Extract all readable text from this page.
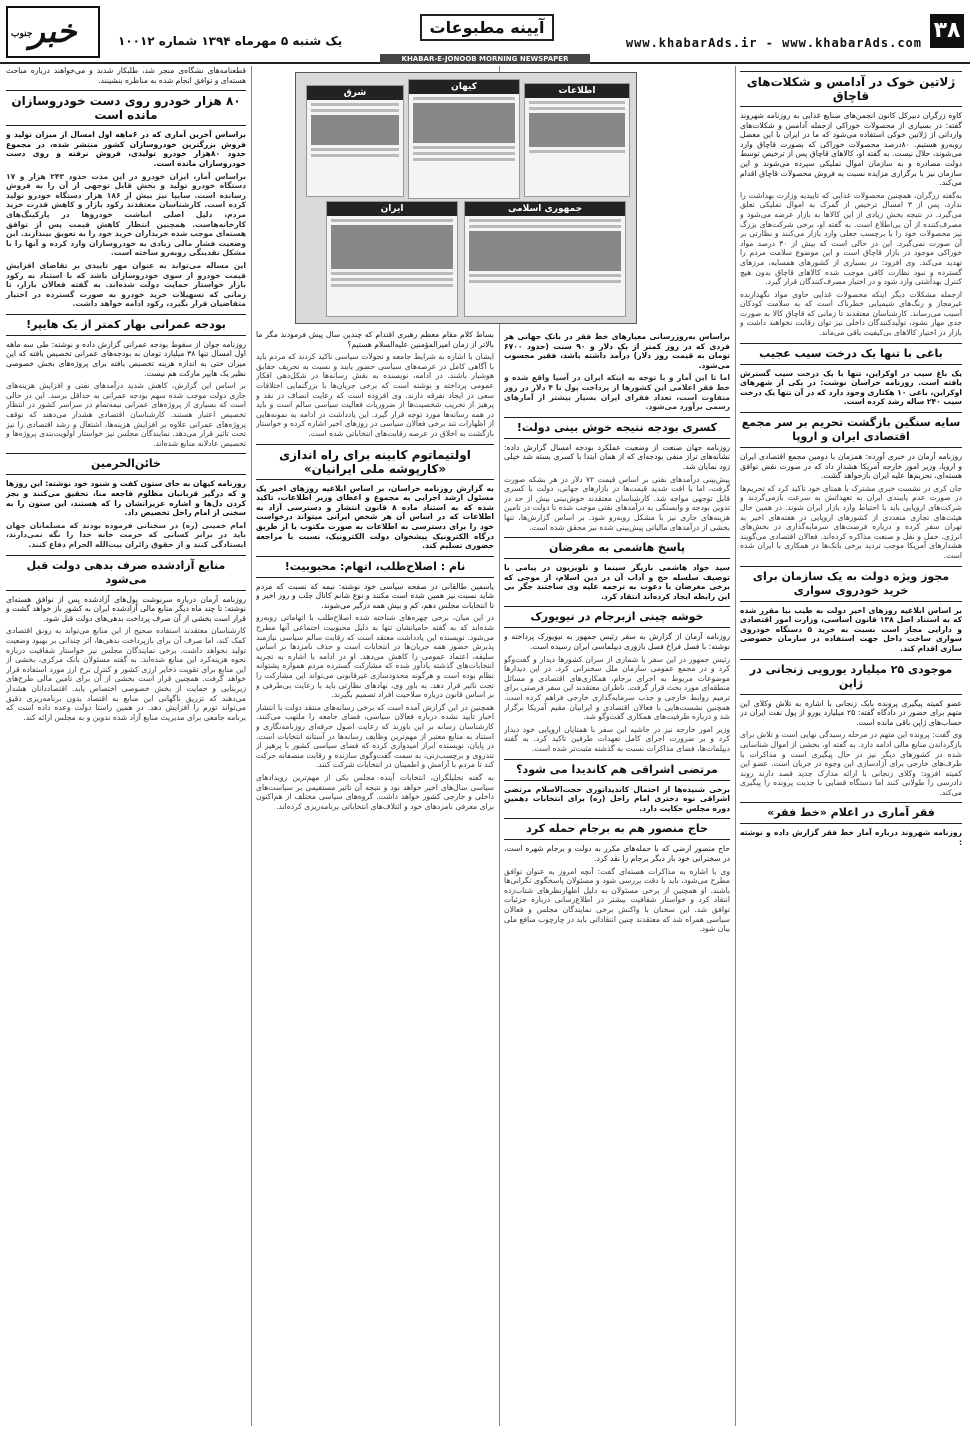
۳۸
www.khabarAds.ir - www.khabarAds.com
آیینه مطبوعات
یک شنبه ۵ مهرماه ۱۳۹۴ شماره ۱۰۰۱۲
جنوب
خبر
KHABAR-E-JONOOB MORNING NEWSPAPER
ژلاتین خوک در آدامس و شکلات‌های قاچاق

کاوه زرگران دبیرکل کانون انجمن‌های صنایع غذایی به روزنامه شهروند گفته: در بسیاری از محصولات خوراکی ازجمله آدامس و شکلات‌های وارداتی از ژلاتین خوکی استفاده می‌شود که ما در ایران با این معضل روبه‌رو هستیم. ۸۰درصد محصولات خوراکی که بصورت قاچاق وارد می‌شوند، حلال نیست. به گفته او، کالاهای قاچاق پس از ترخیص توسط دولت مصادره و به سازمان اموال تملیکی سپرده می‌شوند و این سازمان نیز با برگزاری مزایده نسبت به فروش محصولات قاچاق اقدام می‌کند.

به‌گفته زرگران، همچنین محصولات غذایی که تاییدیه وزارت بهداشت را ندارد، پس از ۳ امسال ترخیص از گمرک به اموال تملیکی تعلق می‌گیرد. در نتیجه بخش زیادی از این کالاها به بازار عرضه می‌شود و مصرف‌کننده از آن بی‌اطلاع است. به گفته او، برخی شرکت‌های بزرگ نیز محصولات خود را با برچسب جعلی وارد بازار می‌کنند و نظارتی بر آن صورت نمی‌گیرد. این در حالی است که بیش از ۳۰ درصد مواد خوراکی موجود در بازار قاچاق است و این موضوع سلامت مردم را تهدید می‌کند. وی افزود: در بسیاری از کشورهای همسایه، مرزهای گسترده و نبود نظارت کافی موجب شده کالاهای قاچاق بدون هیچ کنترل بهداشتی وارد شود و در اختیار مصرف‌کنندگان قرار گیرد.

ازجمله مشکلات دیگر اینکه محصولات غذایی حاوی مواد نگهدارنده غیرمجاز و رنگ‌های شیمیایی خطرناک است که به سلامت کودکان آسیب می‌رساند. کارشناسان معتقدند تا زمانی که قاچاق کالا به صورت جدی مهار نشود، تولیدکنندگان داخلی نیز توان رقابت نخواهند داشت و بازار در اختیار کالاهای بی‌کیفیت باقی می‌ماند.

باغی با تنها یک درخت سیب عجیب

یک باغ سیب در اوکراین، تنها با یک درخت سیب گسترش یافته است. روزنامه خراسان نوشت: در یکی از شهرهای اوکراین، باغی ۱۰ هکتاری وجود دارد که در آن تنها یک درخت سیب ۲۴۰ ساله رشد کرده است.

سایه سنگین بازگشت تحریم بر سر مجمع اقتصادی ایران و اروپا

روزنامه آرمان در خبری آورده: همزمان با دومین مجمع اقتصادی ایران و اروپا، وزیر امور خارجه آمریکا هشدار داد که در صورت نقض توافق هسته‌ای، تحریم‌ها علیه ایران بازخواهد گشت.

جان کری در نشست خبری مشترک با همتای خود تاکید کرد که تحریم‌ها در صورت عدم پایبندی ایران به تعهداتش به سرعت بازمی‌گردند و شرکت‌های اروپایی باید با احتیاط وارد بازار ایران شوند. در همین حال هیئت‌های تجاری متعددی از کشورهای اروپایی در هفته‌های اخیر به تهران سفر کرده و درباره فرصت‌های سرمایه‌گذاری در بخش‌های انرژی، حمل و نقل و صنعت مذاکره کرده‌اند. فعالان اقتصادی می‌گویند هشدارهای آمریکا موجب تردید برخی بانک‌ها در همکاری با ایران شده است.

مجوز ویژه دولت به یک سازمان برای خرید خودروی سواری

بر اساس ابلاغیه روزهای اخیر دولت به طیب نیا مقرر شده که به استناد اصل ۱۳۸ قانون اساسی، وزارت امور اقتصادی و دارایی مجاز است نسبت به خرید ۵ دستگاه خودروی سواری ساخت داخل جهت استفاده در سازمان خصوصی سازی اقدام کند.

موجودی ۲۵ میلیارد یورویی زنجانی در ژاپن

عضو کمیته پیگیری پرونده بابک زنجانی با اشاره به تلاش وکلای این متهم برای حضور در دادگاه گفته: ۲۵ میلیارد یورو از پول نفت ایران در حساب‌های ژاپن باقی مانده است.

وی گفت: پرونده این متهم در مرحله رسیدگی نهایی است و تلاش برای بازگرداندن منابع مالی ادامه دارد. به گفته او، بخشی از اموال شناسایی شده در کشورهای دیگر نیز در حال پیگیری است و مذاکرات با طرف‌های خارجی برای آزادسازی این وجوه در جریان است. عضو این کمیته افزود: وکلای زنجانی با ارائه مدارک جدید قصد دارند روند دادرسی را طولانی کنند اما دستگاه قضایی با جدیت پرونده را پیگیری می‌کند.

فقر آماری در اعلام «خط فقر»

روزنامه شهروند درباره آمار خط فقر گزارش داده و نوشته :

براساس به‌روزرسانی معیارهای خط فقر در بانک جهانی هر فردی که در روز کمتر از یک دلار و ۹۰ سنت (حدود ۶۷۰۰ تومان به قیمت روز دلار) درآمد داشته باشد، فقیر محسوب می‌شود.

اما تا این آمار و با توجه به اینکه ایران در آسیا واقع شده و خط فقر اعلامی این کشورها از پرداخت پول تا ۴ دلار در روز متفاوت است، تعداد فقرای ایران بسیار بیشتر از آمارهای رسمی برآورد می‌شود.

کسری بودجه نتیجه خوش بینی دولت!

روزنامه جهان صنعت از وضعیت عملکرد بودجه امسال گزارش داده: نشانه‌های تراز منفی بودجه‌ای که از همان ابتدا با کسری بسته شد خیلی زود نمایان شد.

پیش‌بینی درآمدهای نفتی بر اساس قیمت ۷۲ دلار در هر بشکه صورت گرفت، اما با افت شدید قیمت‌ها در بازارهای جهانی، دولت با کسری قابل توجهی مواجه شد. کارشناسان معتقدند خوش‌بینی بیش از حد در تدوین بودجه و وابستگی به درآمدهای نفتی موجب شده تا دولت در تامین هزینه‌های جاری نیز با مشکل روبه‌رو شود. بر اساس گزارش‌ها، تنها بخشی از درآمدهای مالیاتی پیش‌بینی شده نیز محقق شده است.

پاسخ هاشمی به مفرضان

سید جواد هاشمی بازیگر سینما و تلویزیون در پیامی با توصیف سلسله حج و آداب آن در دین اسلام، از موجی که برخی مغرضان با دعوت به ترجمه علیه وی ساختند جگر بی این رابطه ایجاد کرده‌اند انتقاد کرد.

خوشه چینی ازبرجام در نیویورک

روزنامه آرمان از گزارش به سفر رئیس جمهور به نیویورک پرداخته و نوشته: با فصل فراخ فصل بازوری دیپلماسی ایران رسیده است.

رئیس جمهور در این سفر با شماری از سران کشورها دیدار و گفت‌وگو کرد و در مجمع عمومی سازمان ملل سخنرانی کرد. در این دیدارها موضوعات مربوط به اجرای برجام، همکاری‌های اقتصادی و مسائل منطقه‌ای مورد بحث قرار گرفت. ناظران معتقدند این سفر فرصتی برای ترمیم روابط خارجی و جذب سرمایه‌گذاری خارجی فراهم کرده است. همچنین نشست‌هایی با فعالان اقتصادی و ایرانیان مقیم آمریکا برگزار شد و درباره ظرفیت‌های همکاری گفت‌وگو شد.

وزیر امور خارجه نیز در حاشیه این سفر با همتایان اروپایی خود دیدار کرد و بر ضرورت اجرای کامل تعهدات طرفین تاکید کرد. به گفته دیپلمات‌ها، فضای مذاکرات نسبت به گذشته مثبت‌تر شده است.

مرتضی اشراقی هم کاندیدا می شود؟

برخی شنیده‌ها از احتمال کاندیداتوری حجت‌الاسلام مرتضی اشراقی نوه دختری امام راحل (ره) برای انتخابات دهمین دوره مجلس حکایت دارد.

حاج منصور هم به برجام حمله کرد

حاج منصور ارضی که با حمله‌های مکرر به دولت و برجام شهره است، در سخنرانی خود بار دیگر برجام را نقد کرد.

وی با اشاره به مذاکرات هسته‌ای گفت: آنچه امروز به عنوان توافق مطرح می‌شود، باید با دقت بررسی شود و مسئولان پاسخگوی نگرانی‌ها باشند. او همچنین از برخی مسئولان به دلیل اظهارنظرهای شتاب‌زده انتقاد کرد و خواستار شفافیت بیشتر در اطلاع‌رسانی درباره جزئیات توافق شد. این سخنان با واکنش برخی نمایندگان مجلس و فعالان سیاسی همراه شد که معتقدند چنین انتقاداتی باید در چارچوب منافع ملی بیان شود.

شرق
کیهان	اطلاعات
ایران	جمهوری اسلامی

بساط کلام مقام معظم رهبری اقتدام که چندین سال پیش فرمودند مگر ما بالاتر از زمان امیرالمؤمنین علیه‌السلام هستیم؟

ایشان با اشاره به شرایط جامعه و تحولات سیاسی تاکید کردند که مردم باید با آگاهی کامل در عرصه‌های سیاسی حضور یابند و نسبت به تحریف حقایق هوشیار باشند. در ادامه، نویسنده به نقش رسانه‌ها در شکل‌دهی افکار عمومی پرداخته و نوشته است که برخی جریان‌ها با بزرگنمایی اختلافات سعی در ایجاد تفرقه دارند. وی افزوده است که رعایت انصاف در نقد و پرهیز از تخریب شخصیت‌ها از ضروریات فعالیت سیاسی سالم است و باید در همه رسانه‌ها مورد توجه قرار گیرد. این یادداشت در ادامه به نمونه‌هایی از اظهارات تند برخی فعالان سیاسی در روزهای اخیر اشاره کرده و خواستار بازگشت به اخلاق در عرصه رقابت‌های انتخاباتی شده است.

اولتیماتوم کابینه برای راه اندازی «کارپوشه ملی ایرانیان»

به گزارش روزنامه خراسان، بر اساس ابلاغیه روزهای اخیر یک مسئول ارشد اجرایی به مجموع و اعطای وزیر اطلاعات، تاکید شده که به استناد ماده ۸ قانون انتشار و دسترسی آزاد به اطلاعات که در اساس آن هر شخص ایرانی میتواند درخواست خود را برای دسترسی به اطلاعات به صورت مکتوب یا از طریق درگاه الکترونیک پیشخوان دولت الکترونیک، نسبت با مراجعه حضوری تسلیم کند.

نام : اصلاح‌طلب، اتهام: محبوبیت!

یاسمین طالقانی در صفحه سیاسی خود نوشته: نیمه که نسبت که مردم شاید نسبت نیز همین شده است مکنند و نوع شانم کانال جلب و روز اخیر و تا انتخابات مجلس دهم، کم و بیش همه درگیر می‌شوند.

در این میان، برخی چهره‌های شناخته شده اصلاح‌طلب با اتهاماتی روبه‌رو شده‌اند که به گفته حامیانشان تنها به دلیل محبوبیت اجتماعی آنها مطرح می‌شود. نویسنده این یادداشت معتقد است که رقابت سالم سیاسی نیازمند پذیرش حضور همه جریان‌ها در انتخابات است و حذف نامزدها بر اساس سلیقه، اعتماد عمومی را کاهش می‌دهد. او در ادامه با اشاره به تجربه انتخابات‌های گذشته یادآور شده که مشارکت گسترده مردم همواره پشتوانه نظام بوده است و هرگونه محدودسازی غیرقانونی می‌تواند این مشارکت را تحت تاثیر قرار دهد. به باور وی، نهادهای نظارتی باید با رعایت بی‌طرفی و بر اساس قانون درباره صلاحیت افراد تصمیم بگیرند.

همچنین در این گزارش آمده است که برخی رسانه‌های منتقد دولت با انتشار اخبار تأیید نشده درباره فعالان سیاسی، فضای جامعه را ملتهب می‌کنند. کارشناسان رسانه بر این باورند که رعایت اصول حرفه‌ای روزنامه‌نگاری و استناد به منابع معتبر از مهم‌ترین وظایف رسانه‌ها در آستانه انتخابات است. در پایان، نویسنده ابراز امیدواری کرده که فضای سیاسی کشور با پرهیز از تندروی و برچسب‌زنی، به سمت گفت‌وگوی سازنده و رقابت منصفانه حرکت کند تا مردم با آرامش و اطمینان در انتخابات شرکت کنند.

به گفته تحلیلگران، انتخابات آینده مجلس یکی از مهم‌ترین رویدادهای سیاسی سال‌های اخیر خواهد بود و نتیجه آن تاثیر مستقیمی بر سیاست‌های داخلی و خارجی کشور خواهد داشت. گروه‌های سیاسی مختلف از هم‌اکنون برای معرفی نامزدهای خود و ائتلاف‌های انتخاباتی برنامه‌ریزی کرده‌اند.

قطعنامه‌های نشگاه‌ی منجر شد، طلبکار شدند و می‌خواهند درباره مباحث هسته‌ای و توافق انجام شده به مناظره بنشینند.

۸۰ هزار خودرو روی دست خودروسازان مانده است

براساس آخرین آماری که در ۶ماهه اول امسال از میزان تولید و فروش بزرگترین خودروسازان کشور منتشر شده، در مجموع حدود ۸۰هزار خودرو تولیدی، فروش نرفته و روی دست خودروسازان مانده است.

براساس آمار، ایران خودرو در این مدت حدود ۲۴۳ هزار و ۱۷ دستگاه خودرو تولید و بخش قابل توجهی از آن را به فروش رسانده است. سایپا نیز بیش از ۱۸۶ هزار دستگاه خودرو تولید کرده است. کارشناسان معتقدند رکود بازار و کاهش قدرت خرید مردم، دلیل اصلی انباشت خودروها در پارکینگ‌های کارخانه‌هاست. همچنین انتظار کاهش قیمت پس از توافق هسته‌ای موجب شده خریداران خرید خود را به تعویق بیندازند. این وضعیت فشار مالی زیادی به خودروسازان وارد کرده و آنها را با مشکل نقدینگی روبه‌رو ساخته است.

این مساله می‌تواند به عنوان مهر تاییدی بر تقاضای افزایش قیمت خودرو از سوی خودروسازان باشد که با استناد به رکود بازار خواستار حمایت دولت شده‌اند. به گفته فعالان بازار، تا زمانی که تسهیلات خرید خودرو به صورت گسترده در اختیار متقاضیان قرار نگیرد، رکود ادامه خواهد داشت.

بودجه عمرانی بهار کمتر از یک هایپر!

روزنامه جوان از سقوط بودجه عمرانی گزارش داده و نوشته: طی سه ماهه اول امسال تنها ۳۸ میلیارد تومان به بودجه‌های عمرانی تخصیص یافته که این میزان حتی به اندازه هزینه تخصیص یافته برای پروژه‌های بخش خصوصی نظیر یک هایپر مارکت هم نیست.

بر اساس این گزارش، کاهش شدید درآمدهای نفتی و افزایش هزینه‌های جاری دولت موجب شده سهم بودجه عمرانی به حداقل برسد. این در حالی است که بسیاری از پروژه‌های عمرانی نیمه‌تمام در سراسر کشور در انتظار تخصیص اعتبار هستند. کارشناسان اقتصادی هشدار می‌دهند که توقف پروژه‌های عمرانی علاوه بر افزایش هزینه‌ها، اشتغال و رشد اقتصادی را نیز تحت تاثیر قرار می‌دهد. نمایندگان مجلس نیز خواستار اولویت‌بندی پروژه‌ها و تخصیص عادلانه منابع شده‌اند.

خائن‌الحرمین

روزنامه کیهان به جای ستون کفت و شنود خود نوشته: این روزها و که درگیر قربانیان مظلوم فاجعه منا، تحقیق می‌کنند و بجز کردن دل‌ها و اشاره عزیزانشان را که هستند، این ستون را به سخنی از امام راحل تخصیص داد.

امام خمینی (ره) در سخنانی فرموده بودند که مسلمانان جهان باید در برابر کسانی که حرمت خانه خدا را نگه نمی‌دارند، ایستادگی کنند و از حقوق زائران بیت‌الله الحرام دفاع کنند.

منابع آزادشده صرف بدهی دولت قبل می‌شود

روزنامه آرمان درباره سرنوشت پول‌های آزادشده پس از توافق هسته‌ای نوشته: تا چند ماه دیگر منابع مالی آزادشده ایران به کشور باز خواهد گشت و قرار است بخشی از آن صرف پرداخت بدهی‌های دولت قبل شود.

کارشناسان معتقدند استفاده صحیح از این منابع می‌تواند به رونق اقتصادی کمک کند، اما صرف آن برای بازپرداخت بدهی‌ها، اثر چندانی بر بهبود وضعیت تولید نخواهد داشت. برخی نمایندگان مجلس نیز خواستار شفافیت درباره نحوه هزینه‌کرد این منابع شده‌اند. به گفته مسئولان بانک مرکزی، بخشی از این منابع برای تقویت ذخایر ارزی کشور و کنترل نرخ ارز مورد استفاده قرار خواهد گرفت. همچنین قرار است بخشی از آن برای تامین مالی طرح‌های زیربنایی و حمایت از بخش خصوصی اختصاص یابد. اقتصاددانان هشدار می‌دهند که تزریق ناگهانی این منابع به اقتصاد بدون برنامه‌ریزی دقیق می‌تواند تورم را افزایش دهد. در همین راستا دولت وعده داده است که برنامه جامعی برای مدیریت منابع آزاد شده تدوین و به مجلس ارائه کند.
